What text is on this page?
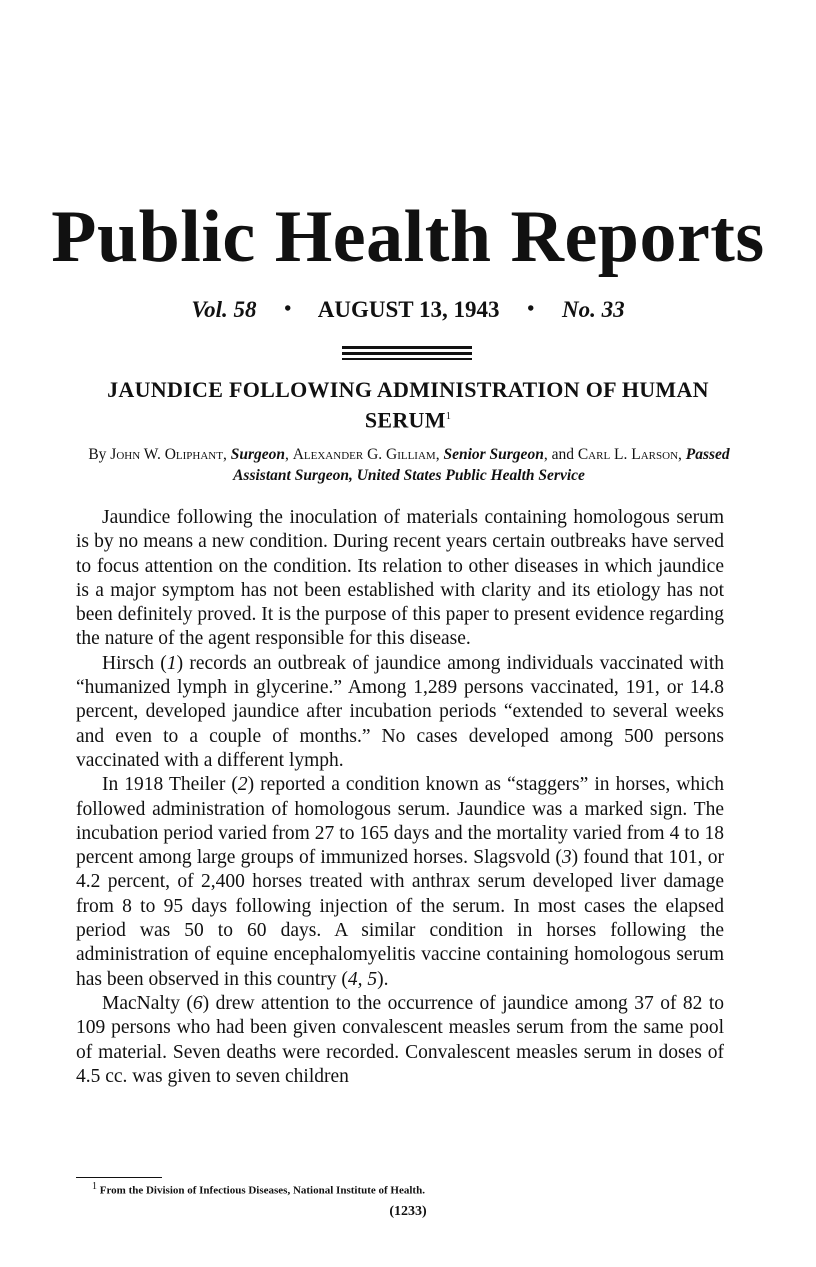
Public Health Reports
Vol. 58 • AUGUST 13, 1943 • No. 33
JAUNDICE FOLLOWING ADMINISTRATION OF HUMAN SERUM$^1$
By John W. Oliphant, Surgeon, Alexander G. Gilliam, Senior Surgeon, and Carl L. Larson, Passed Assistant Surgeon, United States Public Health Service

Jaundice following the inoculation of materials containing homologous serum is by no means a new condition. During recent years certain outbreaks have served to focus attention on the condition. Its relation to other diseases in which jaundice is a major symptom has not been established with clarity and its etiology has not been definitely proved. It is the purpose of this paper to present evidence regarding the nature of the agent responsible for this disease.

Hirsch (1) records an outbreak of jaundice among individuals vaccinated with “humanized lymph in glycerine.” Among 1,289 persons vaccinated, 191, or 14.8 percent, developed jaundice after incubation periods “extended to several weeks and even to a couple of months.” No cases developed among 500 persons vaccinated with a different lymph.

In 1918 Theiler (2) reported a condition known as “staggers” in horses, which followed administration of homologous serum. Jaundice was a marked sign. The incubation period varied from 27 to 165 days and the mortality varied from 4 to 18 percent among large groups of immunized horses. Slagsvold (3) found that 101, or 4.2 percent, of 2,400 horses treated with anthrax serum developed liver damage from 8 to 95 days following injection of the serum. In most cases the elapsed period was 50 to 60 days. A similar condition in horses following the administration of equine encephalomyelitis vaccine containing homologous serum has been observed in this country (4, 5).

MacNalty (6) drew attention to the occurrence of jaundice among 37 of 82 to 109 persons who had been given convalescent measles serum from the same pool of material. Seven deaths were recorded. Convalescent measles serum in doses of 4.5 cc. was given to seven children

$^1$ From the Division of Infectious Diseases, National Institute of Health.
(1233)
